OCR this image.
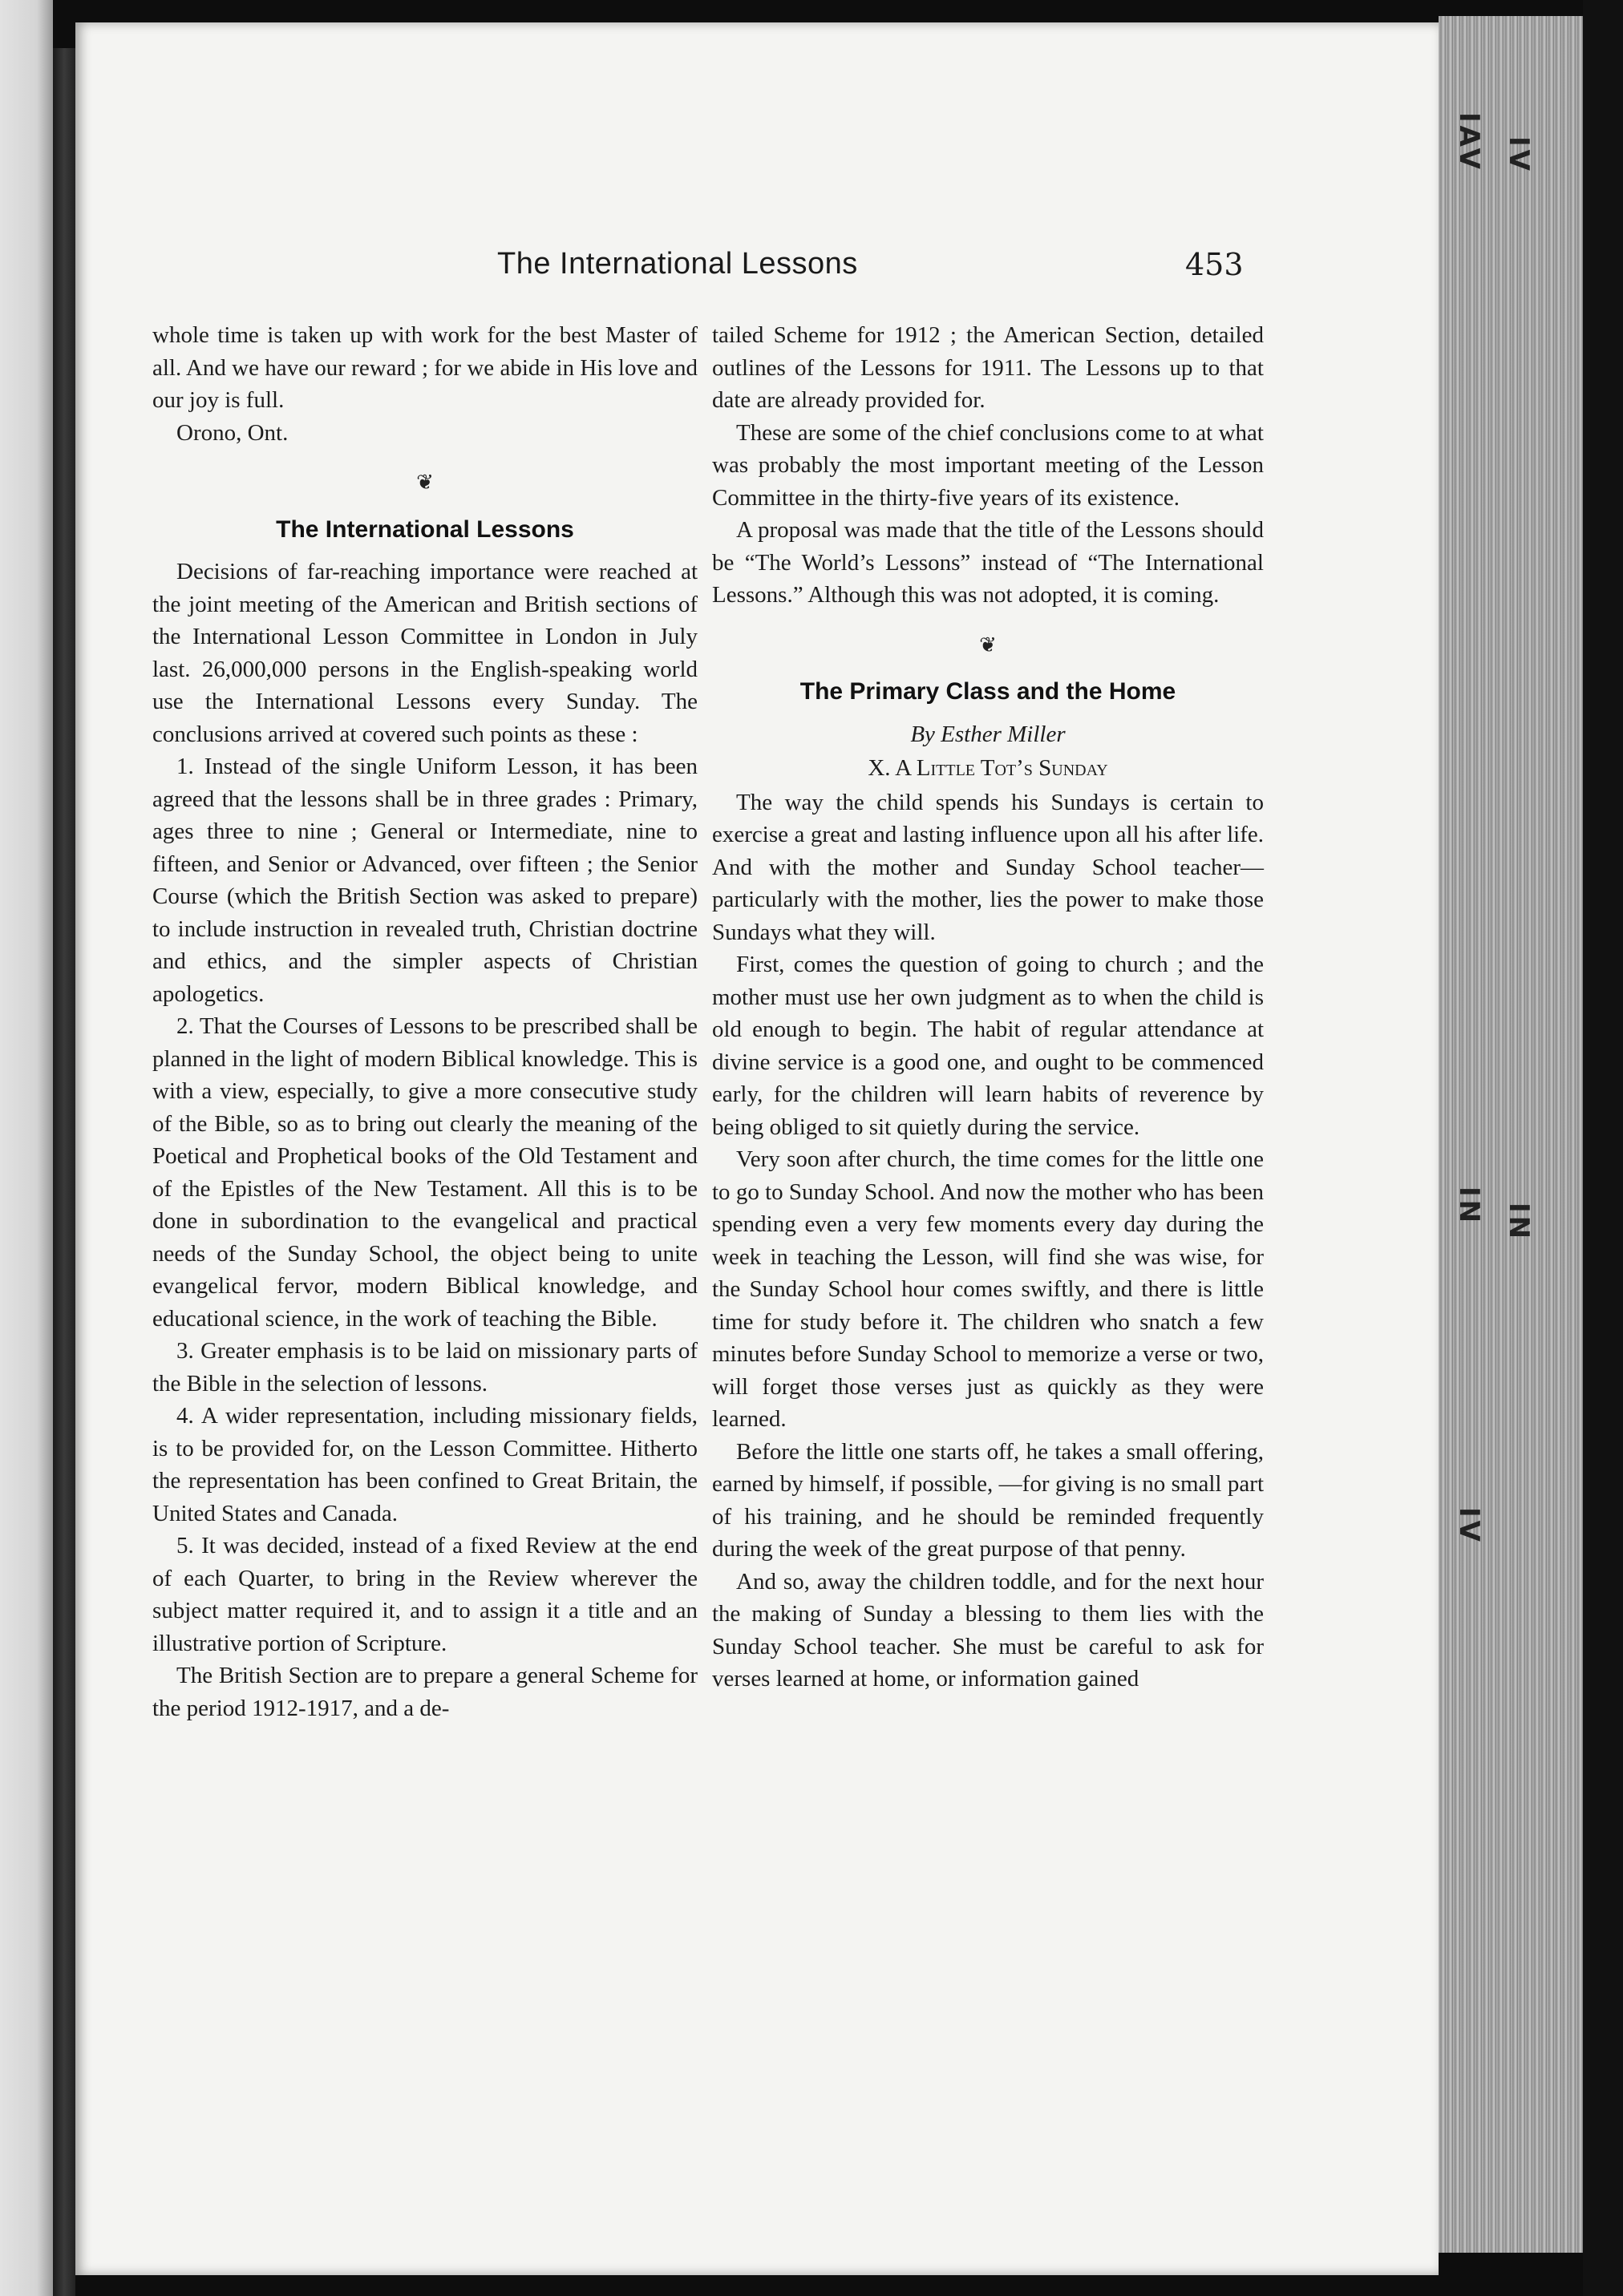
IAV IV
IN IN
IV
The International Lessons	453

whole time is taken up with work for the best Master of all. And we have our reward ; for we abide in His love and our joy is full.

Orono, Ont.

❦
The International Lessons

Decisions of far-reaching importance were reached at the joint meeting of the American and British sections of the International Lesson Committee in London in July last. 26,000,000 persons in the English-speaking world use the International Lessons every Sunday. The conclusions arrived at covered such points as these :

1. Instead of the single Uniform Lesson, it has been agreed that the lessons shall be in three grades : Primary, ages three to nine ; General or Intermediate, nine to fifteen, and Senior or Advanced, over fifteen ; the Senior Course (which the British Section was asked to prepare) to include instruction in revealed truth, Christian doctrine and ethics, and the simpler aspects of Christian apologetics.

2. That the Courses of Lessons to be prescribed shall be planned in the light of modern Biblical knowledge. This is with a view, especially, to give a more consecutive study of the Bible, so as to bring out clearly the meaning of the Poetical and Prophetical books of the Old Testament and of the Epistles of the New Testament. All this is to be done in subordination to the evangelical and practical needs of the Sunday School, the object being to unite evangelical fervor, modern Biblical knowledge, and educational science, in the work of teaching the Bible.

3. Greater emphasis is to be laid on missionary parts of the Bible in the selection of lessons.

4. A wider representation, including missionary fields, is to be provided for, on the Lesson Committee. Hitherto the representation has been confined to Great Britain, the United States and Canada.

5. It was decided, instead of a fixed Review at the end of each Quarter, to bring in the Review wherever the subject matter required it, and to assign it a title and an illustrative portion of Scripture.

The British Section are to prepare a general Scheme for the period 1912-1917, and a de-

tailed Scheme for 1912 ; the American Section, detailed outlines of the Lessons for 1911. The Lessons up to that date are already provided for.

These are some of the chief conclusions come to at what was probably the most important meeting of the Lesson Committee in the thirty-five years of its existence.

A proposal was made that the title of the Lessons should be “The World’s Lessons” instead of “The International Lessons.” Although this was not adopted, it is coming.

❦
The Primary Class and the Home
By Esther Miller
X. A Little Tot’s Sunday

The way the child spends his Sundays is certain to exercise a great and lasting influence upon all his after life. And with the mother and Sunday School teacher—particularly with the mother, lies the power to make those Sundays what they will.

First, comes the question of going to church ; and the mother must use her own judgment as to when the child is old enough to begin. The habit of regular attendance at divine service is a good one, and ought to be commenced early, for the children will learn habits of reverence by being obliged to sit quietly during the service.

Very soon after church, the time comes for the little one to go to Sunday School. And now the mother who has been spending even a very few moments every day during the week in teaching the Lesson, will find she was wise, for the Sunday School hour comes swiftly, and there is little time for study before it. The children who snatch a few minutes before Sunday School to memorize a verse or two, will forget those verses just as quickly as they were learned.

Before the little one starts off, he takes a small offering, earned by himself, if possible, —for giving is no small part of his training, and he should be reminded frequently during the week of the great purpose of that penny.

And so, away the children toddle, and for the next hour the making of Sunday a blessing to them lies with the Sunday School teacher. She must be careful to ask for verses learned at home, or information gained
